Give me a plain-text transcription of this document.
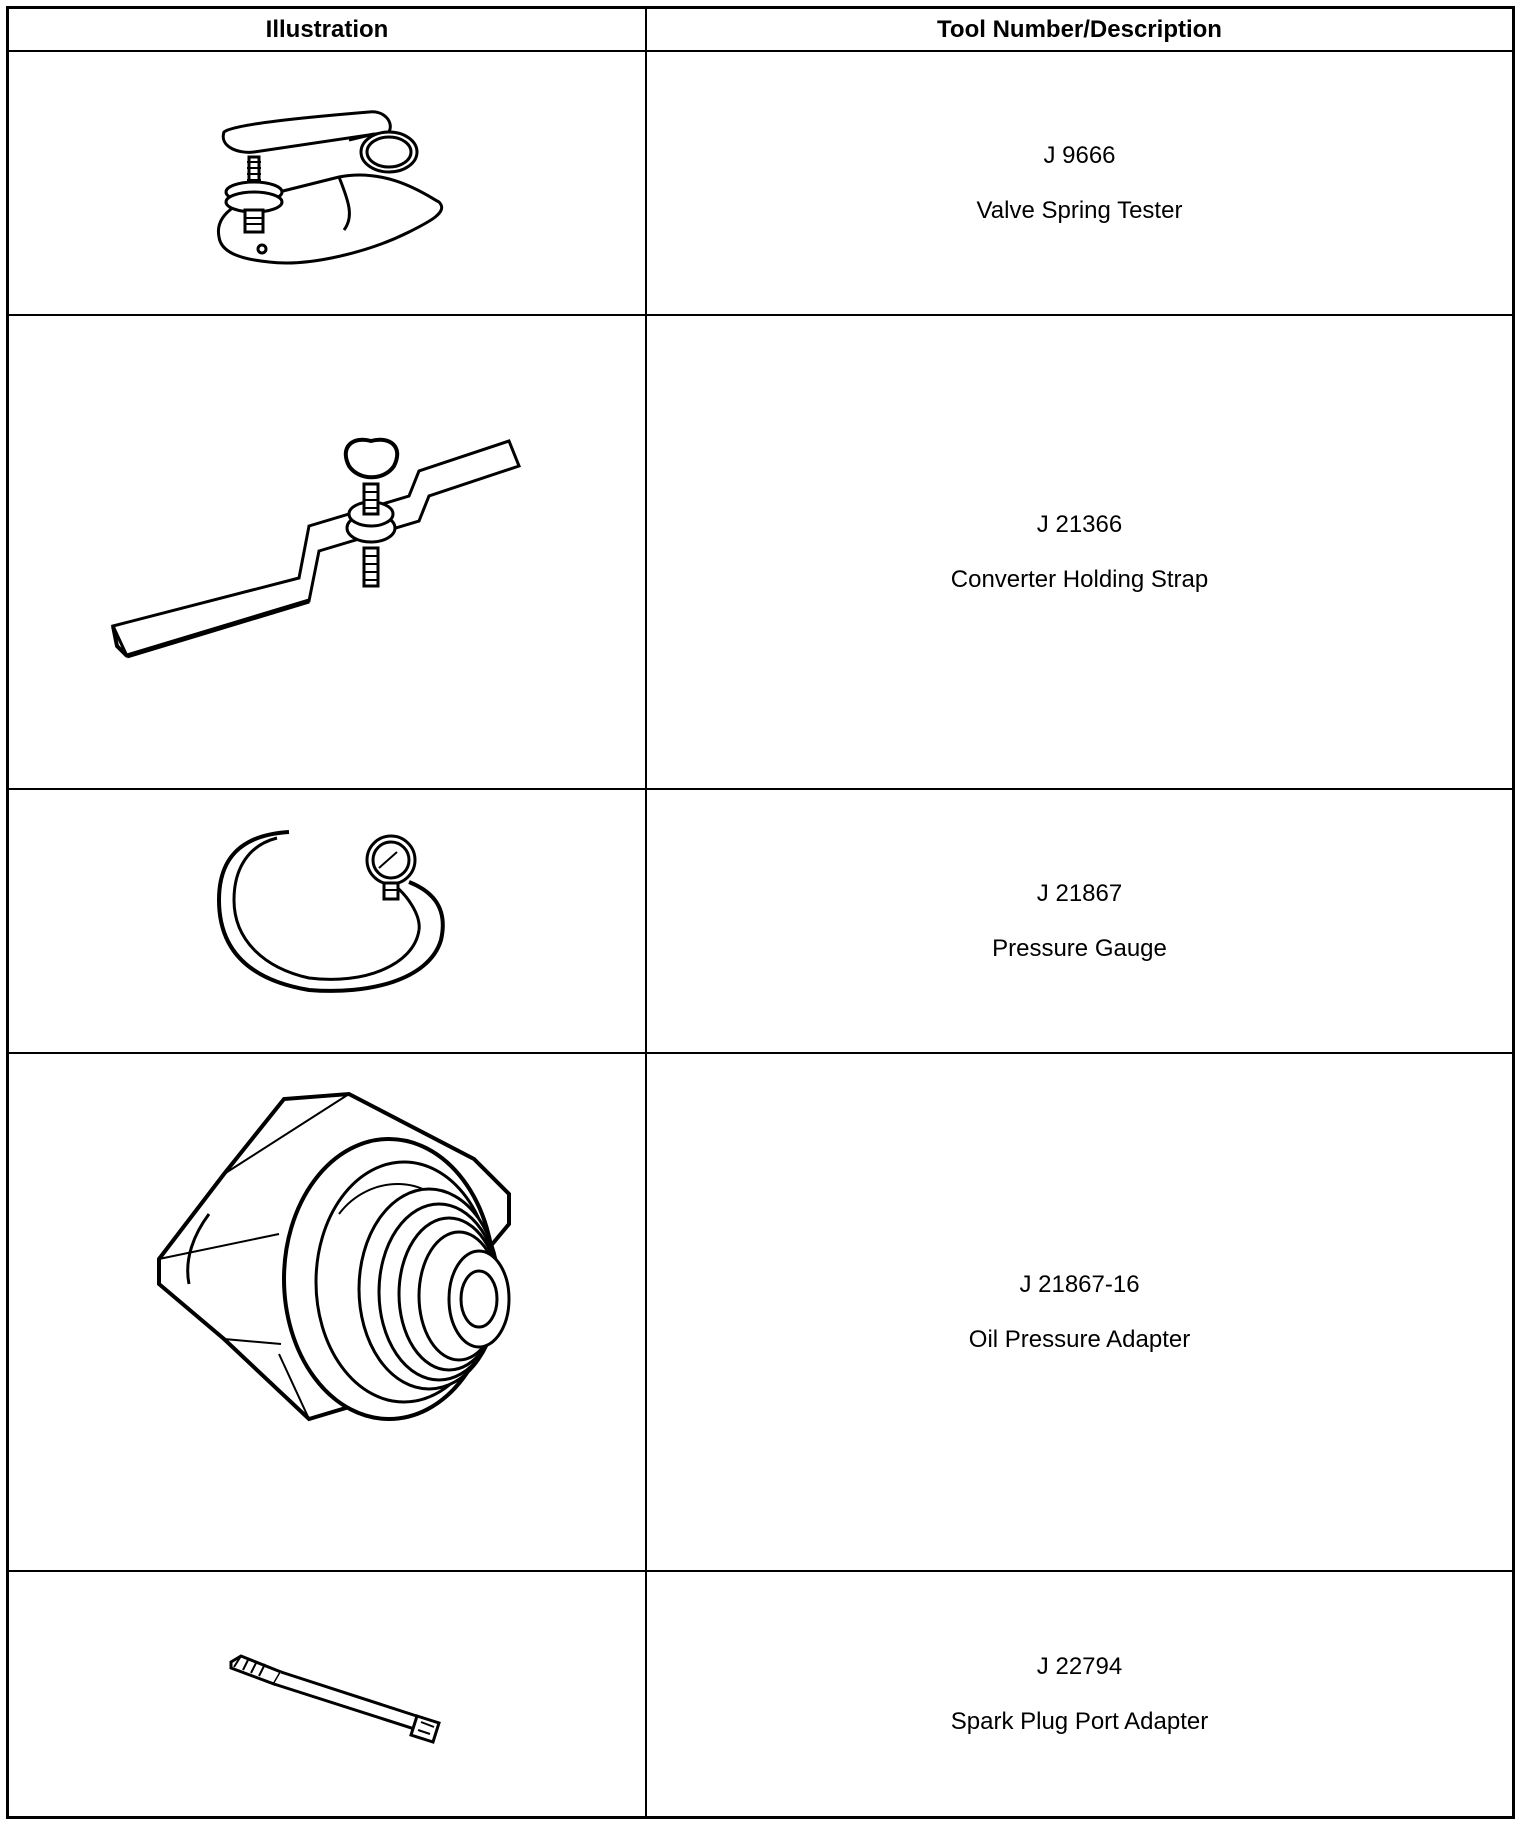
Illustration	Tool Number/Description
J 9666
Valve Spring Tester
J 21366
Converter Holding Strap
J 21867
Pressure Gauge
J 21867-16
Oil Pressure Adapter
J 22794
Spark Plug Port Adapter
